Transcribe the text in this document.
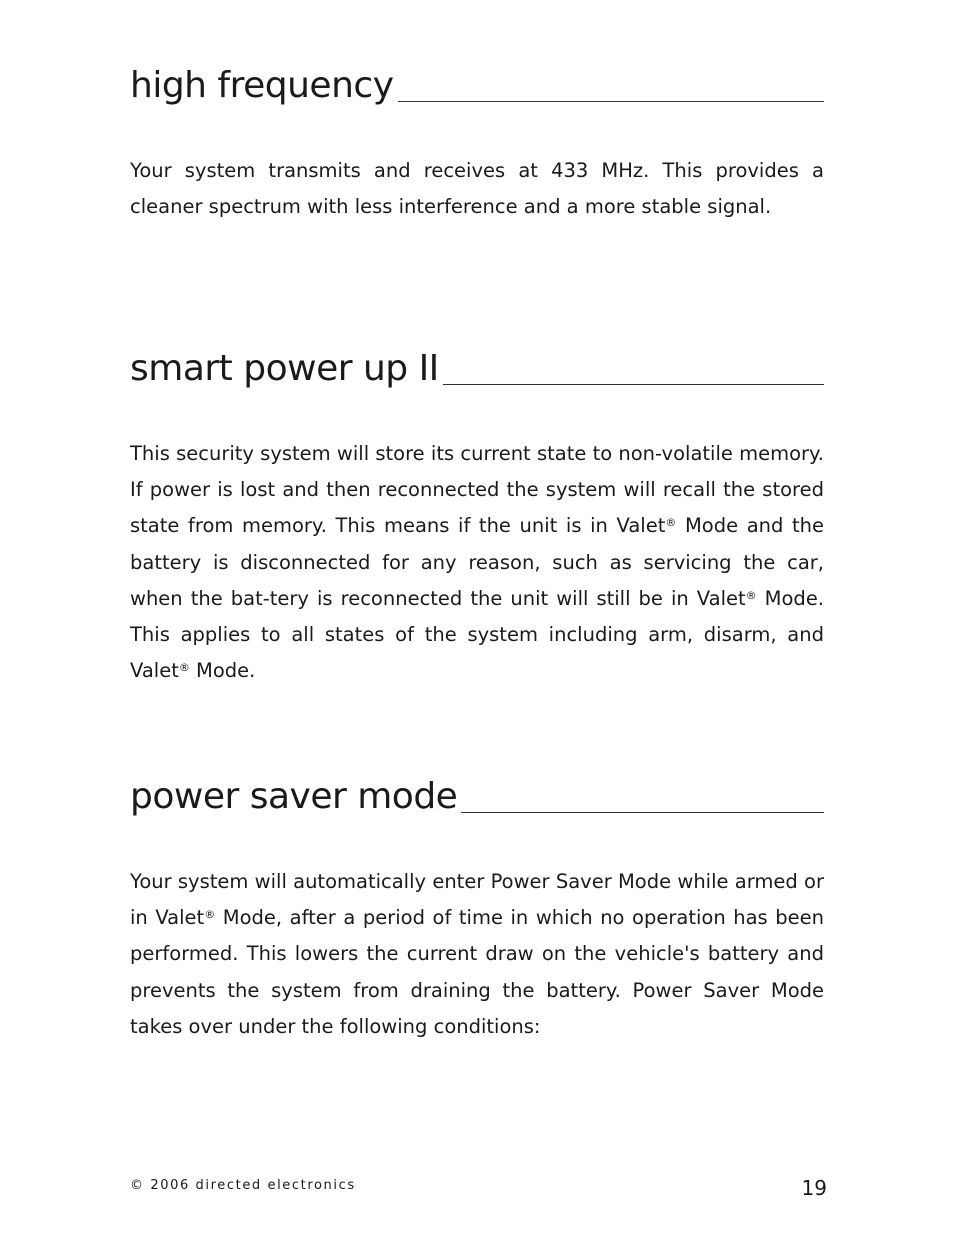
high frequency

Your system transmits and receives at 433 MHz. This provides a cleaner spectrum with less interference and a more stable signal.

smart power up II

This security system will store its current state to non-volatile memory. If power is lost and then reconnected the system will recall the stored state from memory. This means if the unit is in Valet® Mode and the battery is disconnected for any reason, such as servicing the car, when the bat-tery is reconnected the unit will still be in Valet® Mode. This applies to all states of the system including arm, disarm, and Valet® Mode.

power saver mode

Your system will automatically enter Power Saver Mode while armed or in Valet® Mode, after a period of time in which no operation has been performed. This lowers the current draw on the vehicle's battery and prevents the system from draining the battery. Power Saver Mode takes over under the following conditions:

© 2006 directed electronics	19
